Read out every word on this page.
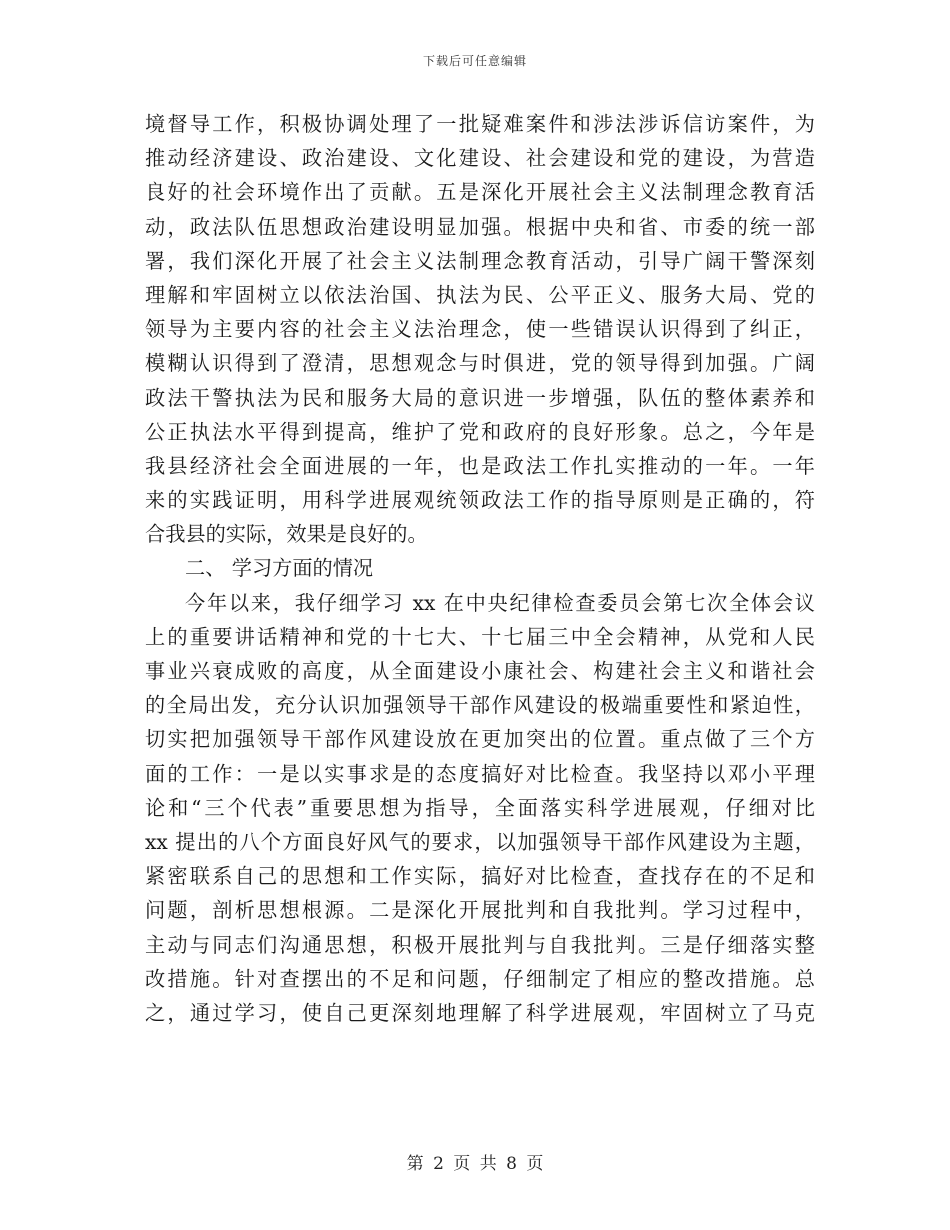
下载后可任意编辑
境督导工作，积极协调处理了一批疑难案件和涉法涉诉信访案件，为
推动经济建设、政治建设、文化建设、社会建设和党的建设，为营造
良好的社会环境作出了贡献。五是深化开展社会主义法制理念教育活
动，政法队伍思想政治建设明显加强。根据中央和省、市委的统一部
署，我们深化开展了社会主义法制理念教育活动，引导广阔干警深刻
理解和牢固树立以依法治国、执法为民、公平正义、服务大局、党的
领导为主要内容的社会主义法治理念，使一些错误认识得到了纠正，
模糊认识得到了澄清，思想观念与时俱进，党的领导得到加强。广阔
政法干警执法为民和服务大局的意识进一步增强，队伍的整体素养和
公正执法水平得到提高，维护了党和政府的良好形象。总之，今年是
我县经济社会全面进展的一年，也是政法工作扎实推动的一年。一年
来的实践证明，用科学进展观统领政法工作的指导原则是正确的，符
合我县的实际，效果是良好的。
二、 学习方面的情况
今年以来，我仔细学习 xx 在中央纪律检查委员会第七次全体会议
上的重要讲话精神和党的十七大、十七届三中全会精神，从党和人民
事业兴衰成败的高度，从全面建设小康社会、构建社会主义和谐社会
的全局出发，充分认识加强领导干部作风建设的极端重要性和紧迫性，
切实把加强领导干部作风建设放在更加突出的位置。重点做了三个方
面的工作：一是以实事求是的态度搞好对比检查。我坚持以邓小平理
论和“三个代表”重要思想为指导，全面落实科学进展观，仔细对比
xx 提出的八个方面良好风气的要求，以加强领导干部作风建设为主题，
紧密联系自己的思想和工作实际，搞好对比检查，查找存在的不足和
问题，剖析思想根源。二是深化开展批判和自我批判。学习过程中，
主动与同志们沟通思想，积极开展批判与自我批判。三是仔细落实整
改措施。针对查摆出的不足和问题，仔细制定了相应的整改措施。总
之，通过学习，使自己更深刻地理解了科学进展观，牢固树立了马克
第 2 页 共 8 页
